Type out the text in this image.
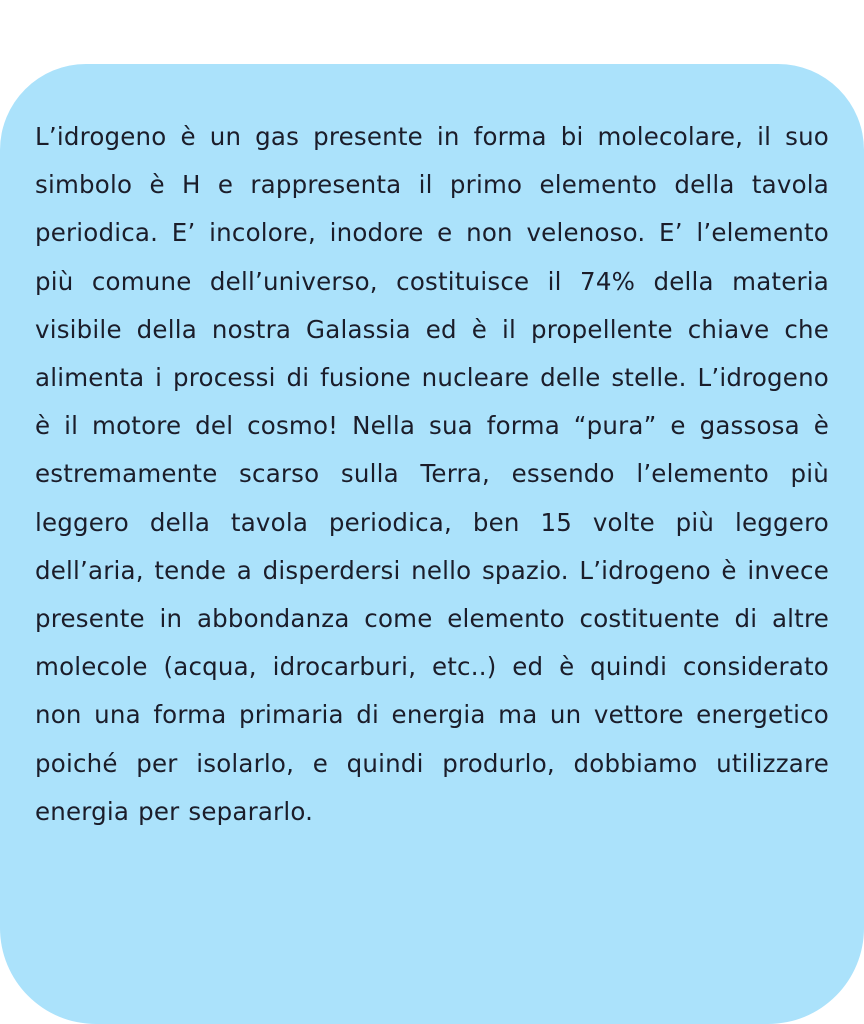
L’idrogeno è un gas presente in forma bi molecolare, il suo simbolo è H e rappresenta il primo elemento della tavola periodica. E’ incolore, inodore e non velenoso. E’ l’elemento più comune dell’universo, costituisce il 74% della materia visibile della nostra Galassia ed è il propellente chiave che alimenta i processi di fusione nucleare delle stelle. L’idrogeno è il motore del cosmo! Nella sua forma “pura” e gassosa è estremamente scarso sulla Terra, essendo l’elemento più leggero della tavola periodica, ben 15 volte più leggero dell’aria, tende a disperdersi nello spazio. L’idrogeno è invece presente in abbondanza come elemento costituente di altre molecole (acqua, idrocarburi, etc..) ed è quindi considerato non una forma primaria di energia ma un vettore energetico poiché per isolarlo, e quindi produrlo, dobbiamo utilizzare energia per separarlo.
